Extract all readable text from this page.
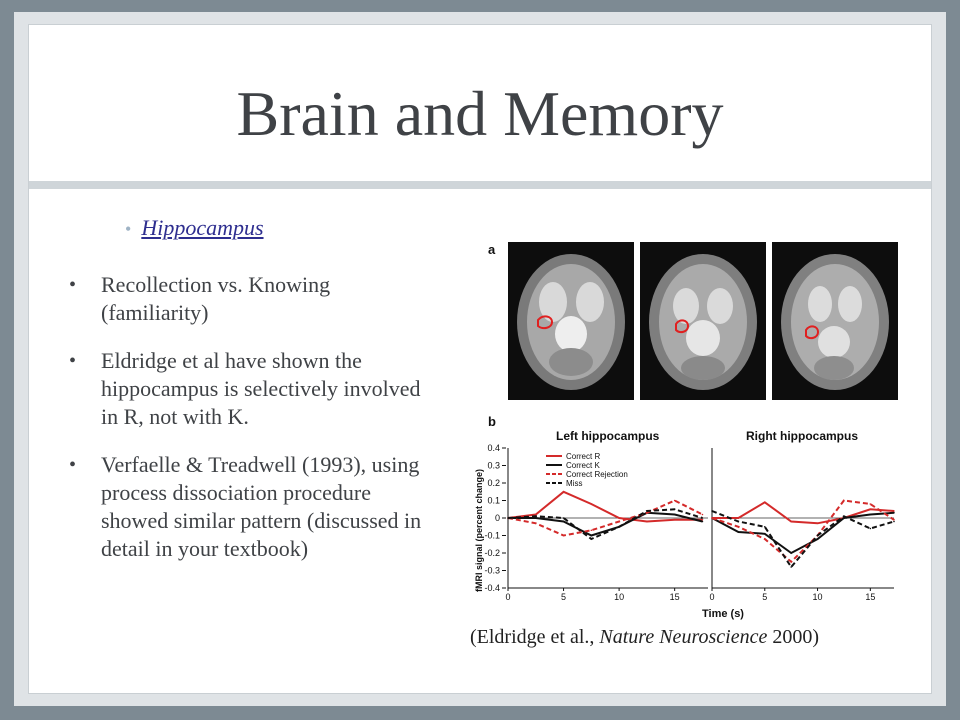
Brain and Memory
• Hippocampus
• Recollection vs. Knowing (familiarity)
• Eldridge et al have shown the hippocampus is selectively involved in R, not with K.
• Verfaelle & Treadwell (1993), using process dissociation procedure showed similar pattern (discussed in detail in your textbook)
a
b
Left hippocampus	Right hippocampus
fMRI signal (percent change)
0.4
0.3
0.2
0.1
0
-0.1
-0.2
-0.3
-0.4
0	5	10	15	0	5	10	15
Correct R
Correct K
Correct Rejection
Miss
Time (s)
(Eldridge et al., Nature Neuroscience 2000)
